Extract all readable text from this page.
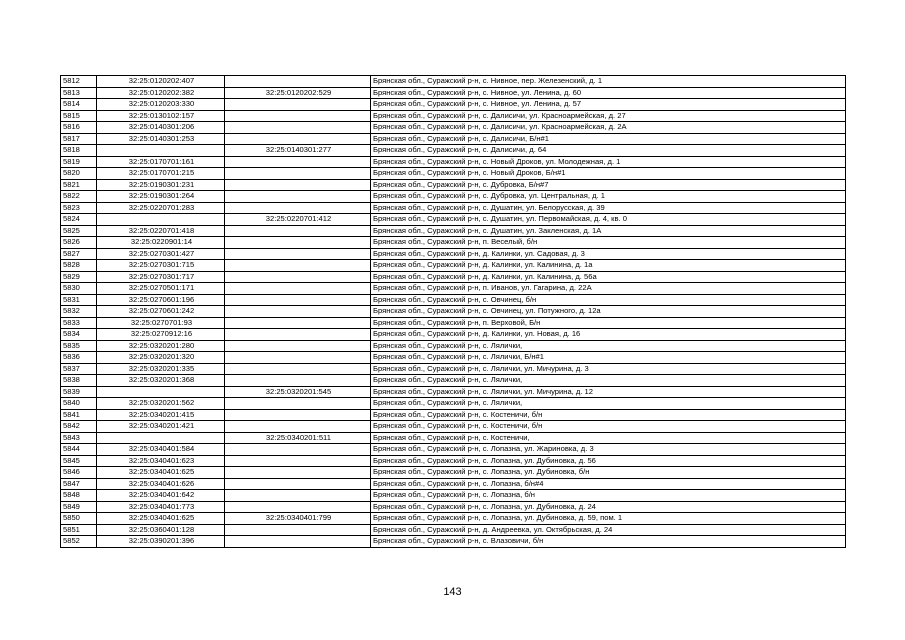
5812	32:25:0120202:407		Брянская обл., Суражский р-н, с. Нивное, пер. Железенский, д. 1
5813	32:25:0120202:382	32:25:0120202:529	Брянская обл., Суражский р-н, с. Нивное, ул. Ленина, д. 60
5814	32:25:0120203:330		Брянская обл., Суражский р-н, с. Нивное, ул. Ленина, д. 57
5815	32:25:0130102:157		Брянская обл., Суражский р-н, с. Далисичи, ул. Красноармейская, д. 27
5816	32:25:0140301:206		Брянская обл., Суражский р-н, с. Далисичи, ул. Красноармейская, д. 2А
5817	32:25:0140301:253		Брянская обл., Суражский р-н, с. Далисичи, Б/н#1
5818		32:25:0140301:277	Брянская обл., Суражский р-н, с. Далисичи, д. 64
5819	32:25:0170701:161		Брянская обл., Суражский р-н, с. Новый Дроков, ул. Молодежная, д. 1
5820	32:25:0170701:215		Брянская обл., Суражский р-н, с. Новый Дроков, Б/н#1
5821	32:25:0190301:231		Брянская обл., Суражский р-н, с. Дубровка, Б/н#7
5822	32:25:0190301:264		Брянская обл., Суражский р-н, с. Дубровка, ул. Центральная, д. 1
5823	32:25:0220701:283		Брянская обл., Суражский р-н, с. Душатин, ул. Белорусская, д. 39
5824		32:25:0220701:412	Брянская обл., Суражский р-н, с. Душатин, ул. Первомайская, д. 4, кв. 0
5825	32:25:0220701:418		Брянская обл., Суражский р-н, с. Душатин, ул. Закленская, д. 1А
5826	32:25:0220901:14		Брянская обл., Суражский р-н, п. Веселый, б/н
5827	32:25:0270301:427		Брянская обл., Суражский р-н, д. Калинки, ул. Садовая, д. 3
5828	32:25:0270301:715		Брянская обл., Суражский р-н, д. Калинки, ул. Калинина, д. 1а
5829	32:25:0270301:717		Брянская обл., Суражский р-н, д. Калинки, ул. Калинина, д. 56а
5830	32:25:0270501:171		Брянская обл., Суражский р-н, п. Иванов, ул. Гагарина, д. 22А
5831	32:25:0270601:196		Брянская обл., Суражский р-н, с. Овчинец, б/н
5832	32:25:0270601:242		Брянская обл., Суражский р-н, с. Овчинец, ул. Потужного, д. 12а
5833	32:25:0270701:93		Брянская обл., Суражский р-н, п. Верховой, Б/н
5834	32:25:0270912:16		Брянская обл., Суражский р-н, д. Калинки, ул. Новая, д. 16
5835	32:25:0320201:280		Брянская обл., Суражский р-н, с. Лялички,
5836	32:25:0320201:320		Брянская обл., Суражский р-н, с. Лялички, Б/н#1
5837	32:25:0320201:335		Брянская обл., Суражский р-н, с. Лялички, ул. Мичурина, д. 3
5838	32:25:0320201:368		Брянская обл., Суражский р-н, с. Лялички,
5839		32:25:0320201:545	Брянская обл., Суражский р-н, с. Лялички, ул. Мичурина, д. 12
5840	32:25:0320201:562		Брянская обл., Суражский р-н, с. Лялички,
5841	32:25:0340201:415		Брянская обл., Суражский р-н, с. Костеничи, б/н
5842	32:25:0340201:421		Брянская обл., Суражский р-н, с. Костеничи, б/н
5843		32:25:0340201:511	Брянская обл., Суражский р-н, с. Костеничи,
5844	32:25:0340401:584		Брянская обл., Суражский р-н, с. Лопазна, ул. Жариновка, д. 3
5845	32:25:0340401:623		Брянская обл., Суражский р-н, с. Лопазна, ул. Дубиновка, д. 56
5846	32:25:0340401:625		Брянская обл., Суражский р-н, с. Лопазна, ул. Дубиновка, б/н
5847	32:25:0340401:626		Брянская обл., Суражский р-н, с. Лопазна, б/н#4
5848	32:25:0340401:642		Брянская обл., Суражский р-н, с. Лопазна, б/н
5849	32:25:0340401:773		Брянская обл., Суражский р-н, с. Лопазна, ул. Дубиновка, д. 24
5850	32:25:0340401:625	32:25:0340401:799	Брянская обл., Суражский р-н, с. Лопазна, ул. Дубиновка, д. 59, пом. 1
5851	32:25:0360401:128		Брянская обл., Суражский р-н, д. Андреевка, ул. Октябрьская, д. 24
5852	32:25:0390201:396		Брянская обл., Суражский р-н, с. Влазовичи, б/н
143
